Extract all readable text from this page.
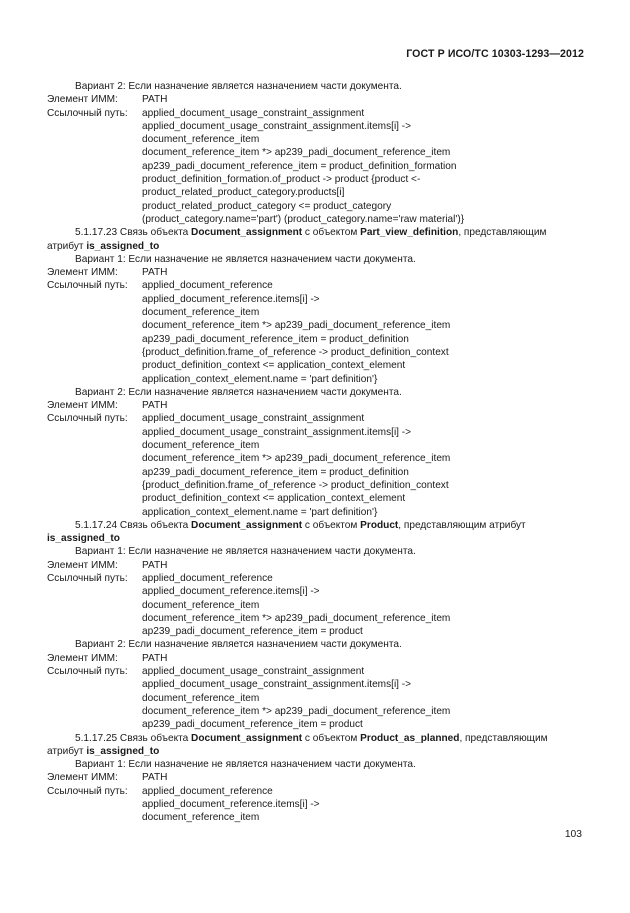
ГОСТ Р ИСО/ТС 10303-1293—2012
Вариант 2: Если назначение является назначением части документа.
Элемент ИММ:	PATH
Ссылочный путь:	applied_document_usage_constraint_assignment
applied_document_usage_constraint_assignment.items[i] ->
document_reference_item
document_reference_item *> ap239_padi_document_reference_item
ap239_padi_document_reference_item = product_definition_formation
product_definition_formation.of_product -> product {product <-
product_related_product_category.products[i]
product_related_product_category <= product_category
(product_category.name='part') (product_category.name='raw material')}
5.1.17.23 Связь объекта Document_assignment с объектом Part_view_definition, представляющим
атрибут is_assigned_to
Вариант 1: Если назначение не является назначением части документа.
Элемент ИММ:	PATH
Ссылочный путь:	applied_document_reference
applied_document_reference.items[i] ->
document_reference_item
document_reference_item *> ap239_padi_document_reference_item
ap239_padi_document_reference_item = product_definition
{product_definition.frame_of_reference -> product_definition_context
product_definition_context <= application_context_element
application_context_element.name = 'part definition'}
Вариант 2: Если назначение является назначением части документа.
Элемент ИММ:	PATH
Ссылочный путь:	applied_document_usage_constraint_assignment
applied_document_usage_constraint_assignment.items[i] ->
document_reference_item
document_reference_item *> ap239_padi_document_reference_item
ap239_padi_document_reference_item = product_definition
{product_definition.frame_of_reference -> product_definition_context
product_definition_context <= application_context_element
application_context_element.name = 'part definition'}
5.1.17.24 Связь объекта Document_assignment с объектом Product, представляющим атрибут
is_assigned_to
Вариант 1: Если назначение не является назначением части документа.
Элемент ИММ:	PATH
Ссылочный путь:	applied_document_reference
applied_document_reference.items[i] ->
document_reference_item
document_reference_item *> ap239_padi_document_reference_item
ap239_padi_document_reference_item = product
Вариант 2: Если назначение является назначением части документа.
Элемент ИММ:	PATH
Ссылочный путь:	applied_document_usage_constraint_assignment
applied_document_usage_constraint_assignment.items[i] ->
document_reference_item
document_reference_item *> ap239_padi_document_reference_item
ap239_padi_document_reference_item = product
5.1.17.25 Связь объекта Document_assignment с объектом Product_as_planned, представляющим
атрибут is_assigned_to
Вариант 1: Если назначение не является назначением части документа.
Элемент ИММ:	PATH
Ссылочный путь:	applied_document_reference
applied_document_reference.items[i] ->
document_reference_item
103
